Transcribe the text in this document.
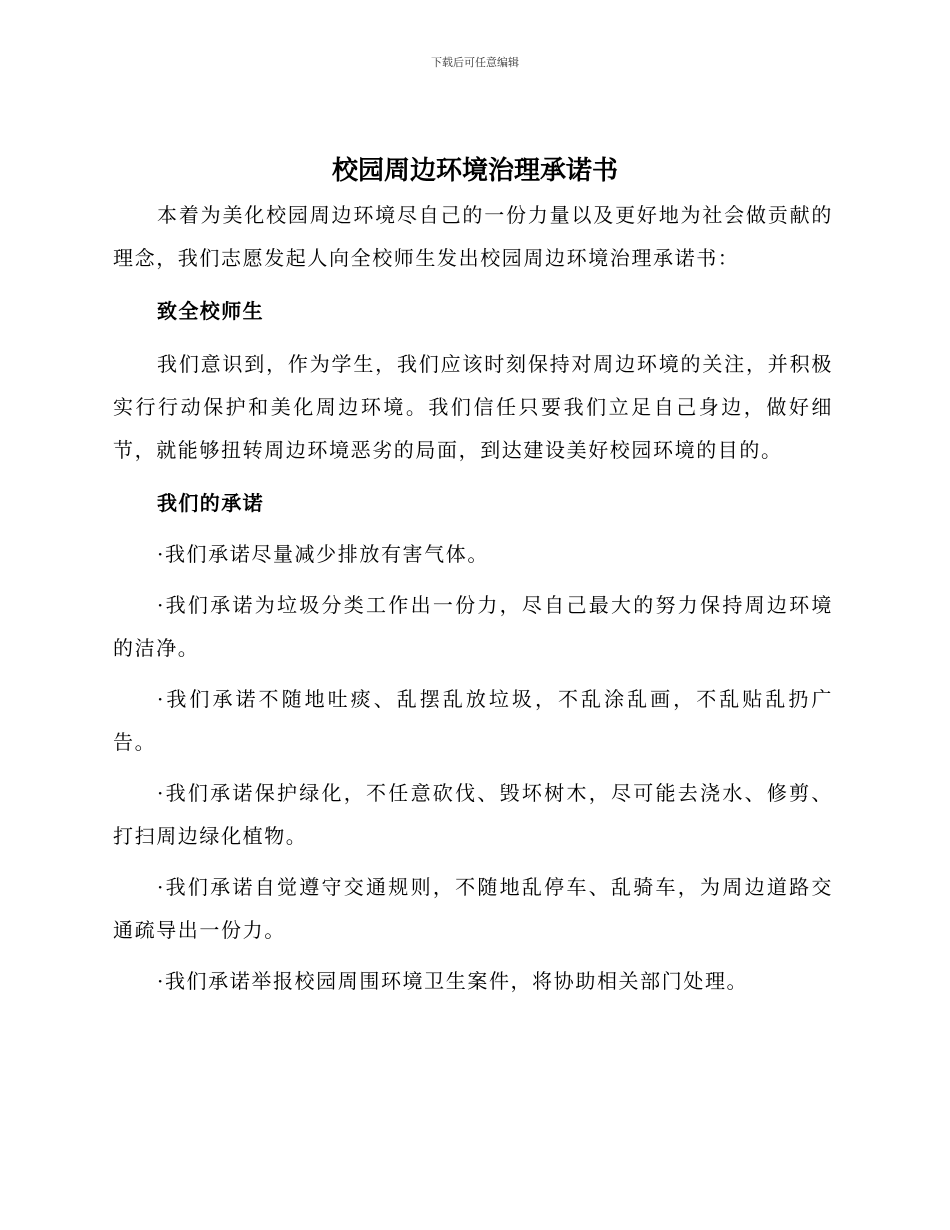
下载后可任意编辑
校园周边环境治理承诺书

本着为美化校园周边环境尽自己的一份力量以及更好地为社会做贡献的理念，我们志愿发起人向全校师生发出校园周边环境治理承诺书：

致全校师生

我们意识到，作为学生，我们应该时刻保持对周边环境的关注，并积极实行行动保护和美化周边环境。我们信任只要我们立足自己身边，做好细节，就能够扭转周边环境恶劣的局面，到达建设美好校园环境的目的。

我们的承诺

·我们承诺尽量减少排放有害气体。

·我们承诺为垃圾分类工作出一份力，尽自己最大的努力保持周边环境的洁净。

·我们承诺不随地吐痰、乱摆乱放垃圾，不乱涂乱画，不乱贴乱扔广告。

·我们承诺保护绿化，不任意砍伐、毁坏树木，尽可能去浇水、修剪、打扫周边绿化植物。

·我们承诺自觉遵守交通规则，不随地乱停车、乱骑车，为周边道路交通疏导出一份力。

·我们承诺举报校园周围环境卫生案件，将协助相关部门处理。
